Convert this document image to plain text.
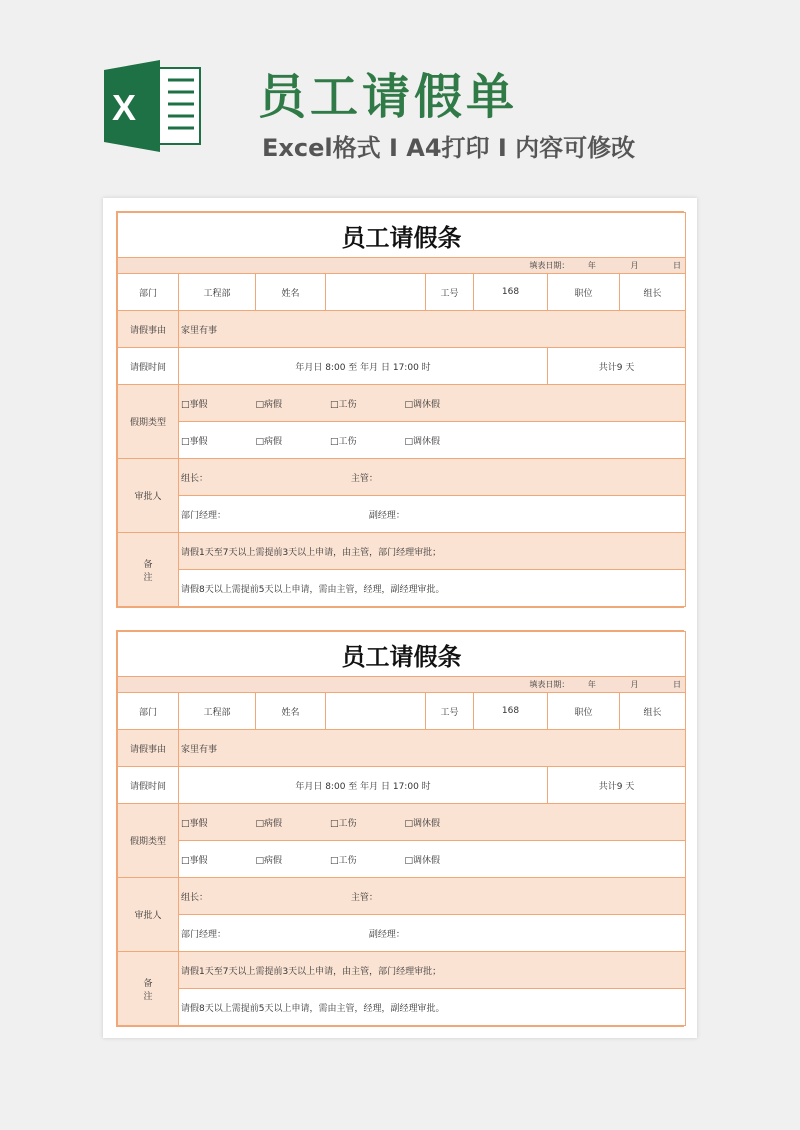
X	员工请假单
Excel格式 I A4打印 I 内容可修改
员工请假条							
填表日期： 年 月 日							
部门	工程部	姓名		工号	168	职位	组长
请假事由	家里有事						
请假时间	年月日 8:00 至 年月 日 17:00 时					共计9 天	
假期类型	□事假 □病假 □工伤 □调休假						
	□事假 □病假 □工伤 □调休假						
审批人	组长： 主管：						
	部门经理： 副经理：						
备
注	请假1天至7天以上需提前3天以上申请，由主管，部门经理审批；						
	请假8天以上需提前5天以上申请，需由主管，经理，副经理审批。						
员工请假条							
填表日期： 年 月 日							
部门	工程部	姓名		工号	168	职位	组长
请假事由	家里有事						
请假时间	年月日 8:00 至 年月 日 17:00 时					共计9 天	
假期类型	□事假 □病假 □工伤 □调休假						
	□事假 □病假 □工伤 □调休假						
审批人	组长： 主管：						
	部门经理： 副经理：						
备
注	请假1天至7天以上需提前3天以上申请，由主管，部门经理审批；						
	请假8天以上需提前5天以上申请，需由主管，经理，副经理审批。						
